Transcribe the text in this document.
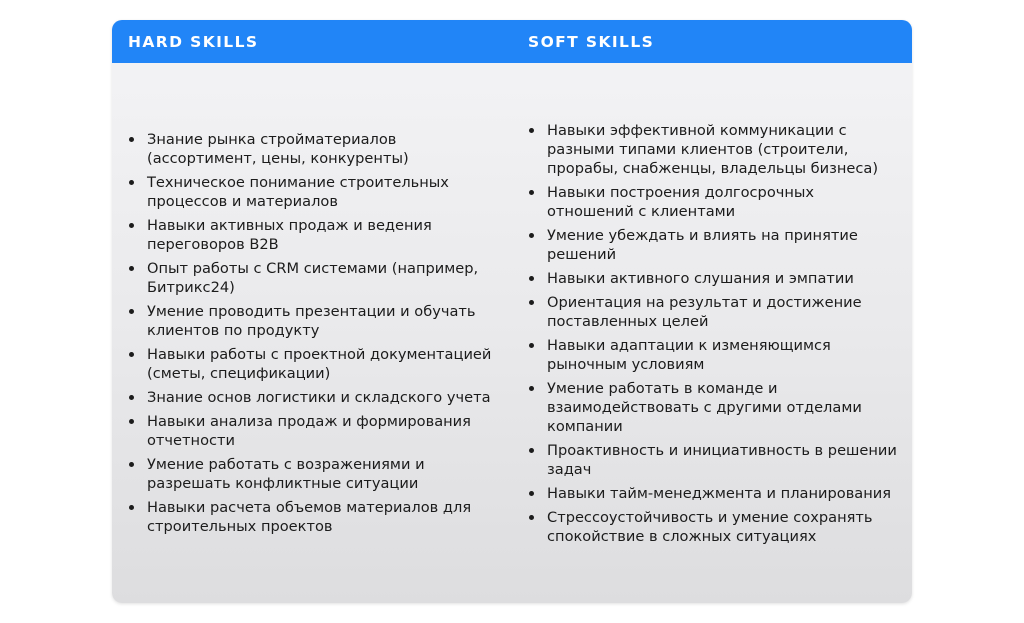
HARD SKILLS	SOFT SKILLS
Знание рынка стройматериалов (ассортимент, цены, конкуренты)
Техническое понимание строительных процессов и материалов
Навыки активных продаж и ведения переговоров B2B
Опыт работы с CRM системами (например, Битрикс24)
Умение проводить презентации и обучать клиентов по продукту
Навыки работы с проектной документацией (сметы, спецификации)
Знание основ логистики и складского учета
Навыки анализа продаж и формирования отчетности
Умение работать с возражениями и разрешать конфликтные ситуации
Навыки расчета объемов материалов для строительных проектов
Навыки эффективной коммуникации с разными типами клиентов (строители, прорабы, снабженцы, владельцы бизнеса)
Навыки построения долгосрочных отношений с клиентами
Умение убеждать и влиять на принятие решений
Навыки активного слушания и эмпатии
Ориентация на результат и достижение поставленных целей
Навыки адаптации к изменяющимся рыночным условиям
Умение работать в команде и взаимодействовать с другими отделами компании
Проактивность и инициативность в решении задач
Навыки тайм-менеджмента и планирования
Стрессоустойчивость и умение сохранять спокойствие в сложных ситуациях
